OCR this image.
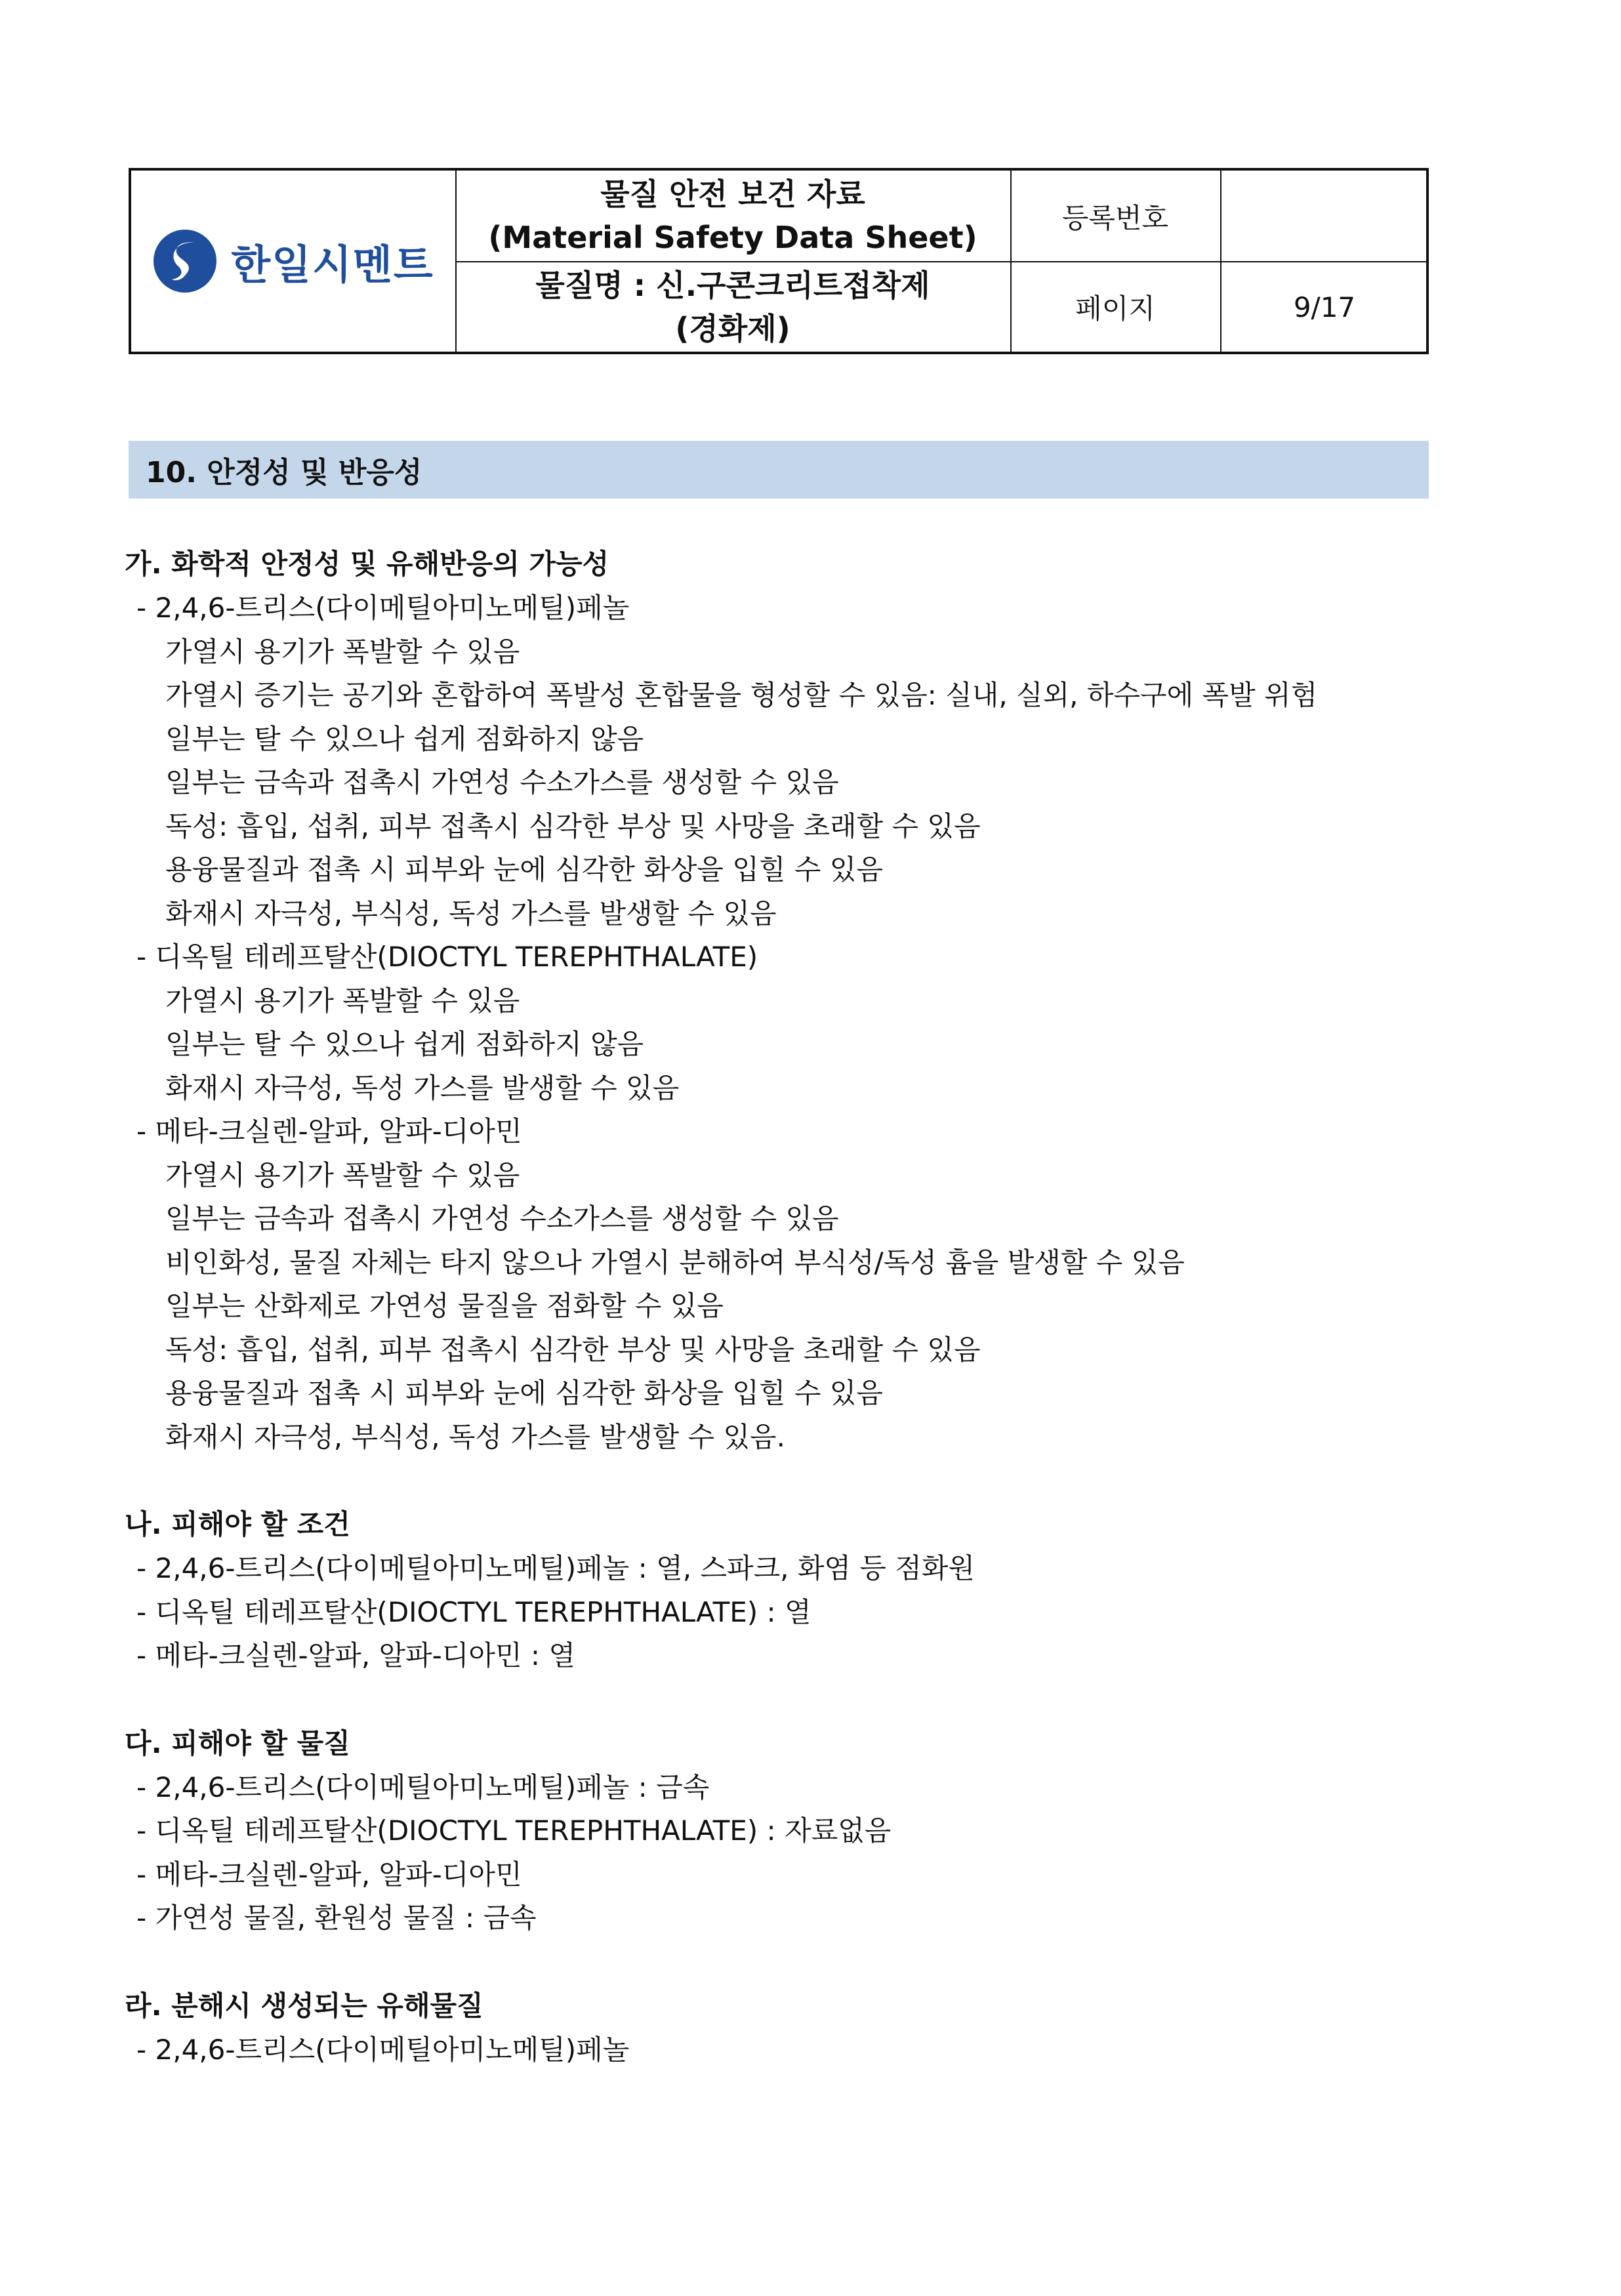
한일시멘트
물질 안전 보건 자료
(Material Safety Data Sheet)
물질명 : 신.구콘크리트접착제
(경화제)
등록번호
페이지	9/17
10. 안정성 및 반응성
가. 화학적 안정성 및 유해반응의 가능성
- 2,4,6-트리스(다이메틸아미노메틸)페놀
가열시 용기가 폭발할 수 있음
가열시 증기는 공기와 혼합하여 폭발성 혼합물을 형성할 수 있음: 실내, 실외, 하수구에 폭발 위험
일부는 탈 수 있으나 쉽게 점화하지 않음
일부는 금속과 접촉시 가연성 수소가스를 생성할 수 있음
독성: 흡입, 섭취, 피부 접촉시 심각한 부상 및 사망을 초래할 수 있음
용융물질과 접촉 시 피부와 눈에 심각한 화상을 입힐 수 있음
화재시 자극성, 부식성, 독성 가스를 발생할 수 있음
- 디옥틸 테레프탈산(DIOCTYL TEREPHTHALATE)
가열시 용기가 폭발할 수 있음
일부는 탈 수 있으나 쉽게 점화하지 않음
화재시 자극성, 독성 가스를 발생할 수 있음
- 메타-크실렌-알파, 알파-디아민
가열시 용기가 폭발할 수 있음
일부는 금속과 접촉시 가연성 수소가스를 생성할 수 있음
비인화성, 물질 자체는 타지 않으나 가열시 분해하여 부식성/독성 흄을 발생할 수 있음
일부는 산화제로 가연성 물질을 점화할 수 있음
독성: 흡입, 섭취, 피부 접촉시 심각한 부상 및 사망을 초래할 수 있음
용융물질과 접촉 시 피부와 눈에 심각한 화상을 입힐 수 있음
화재시 자극성, 부식성, 독성 가스를 발생할 수 있음.
나. 피해야 할 조건
- 2,4,6-트리스(다이메틸아미노메틸)페놀 : 열, 스파크, 화염 등 점화원
- 디옥틸 테레프탈산(DIOCTYL TEREPHTHALATE) : 열
- 메타-크실렌-알파, 알파-디아민 : 열
다. 피해야 할 물질
- 2,4,6-트리스(다이메틸아미노메틸)페놀 : 금속
- 디옥틸 테레프탈산(DIOCTYL TEREPHTHALATE) : 자료없음
- 메타-크실렌-알파, 알파-디아민
- 가연성 물질, 환원성 물질 : 금속
라. 분해시 생성되는 유해물질
- 2,4,6-트리스(다이메틸아미노메틸)페놀
